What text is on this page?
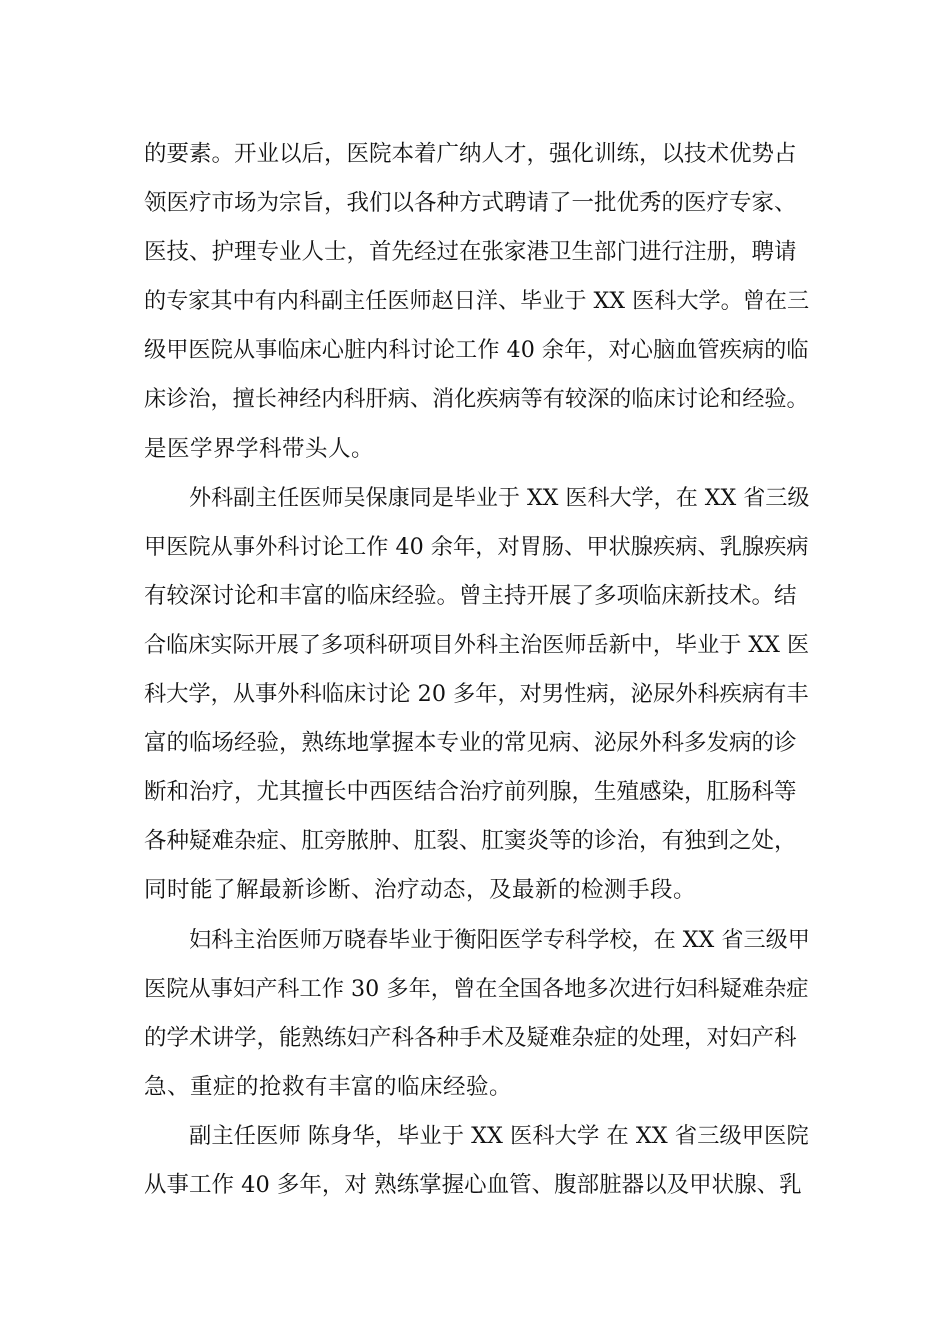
的要素。开业以后，医院本着广纳人才，强化训练，以技术优势占
领医疗市场为宗旨，我们以各种方式聘请了一批优秀的医疗专家、
医技、护理专业人士，首先经过在张家港卫生部门进行注册，聘请
的专家其中有内科副主任医师赵日洋、毕业于 XX 医科大学。曾在三
级甲医院从事临床心脏内科讨论工作 40 余年，对心脑血管疾病的临
床诊治，擅长神经内科肝病、消化疾病等有较深的临床讨论和经验。
是医学界学科带头人。
外科副主任医师吴保康同是毕业于 XX 医科大学，在 XX 省三级
甲医院从事外科讨论工作 40 余年，对胃肠、甲状腺疾病、乳腺疾病
有较深讨论和丰富的临床经验。曾主持开展了多项临床新技术。结
合临床实际开展了多项科研项目外科主治医师岳新中，毕业于 XX 医
科大学，从事外科临床讨论 20 多年，对男性病，泌尿外科疾病有丰
富的临场经验，熟练地掌握本专业的常见病、泌尿外科多发病的诊
断和治疗，尤其擅长中西医结合治疗前列腺，生殖感染，肛肠科等
各种疑难杂症、肛旁脓肿、肛裂、肛窦炎等的诊治，有独到之处，
同时能了解最新诊断、治疗动态，及最新的检测手段。
妇科主治医师万晓春毕业于衡阳医学专科学校，在 XX 省三级甲
医院从事妇产科工作 30 多年，曾在全国各地多次进行妇科疑难杂症
的学术讲学，能熟练妇产科各种手术及疑难杂症的处理，对妇产科
急、重症的抢救有丰富的临床经验。
副主任医师 陈身华，毕业于 XX 医科大学 在 XX 省三级甲医院
从事工作 40 多年，对 熟练掌握心血管、腹部脏器以及甲状腺、乳
